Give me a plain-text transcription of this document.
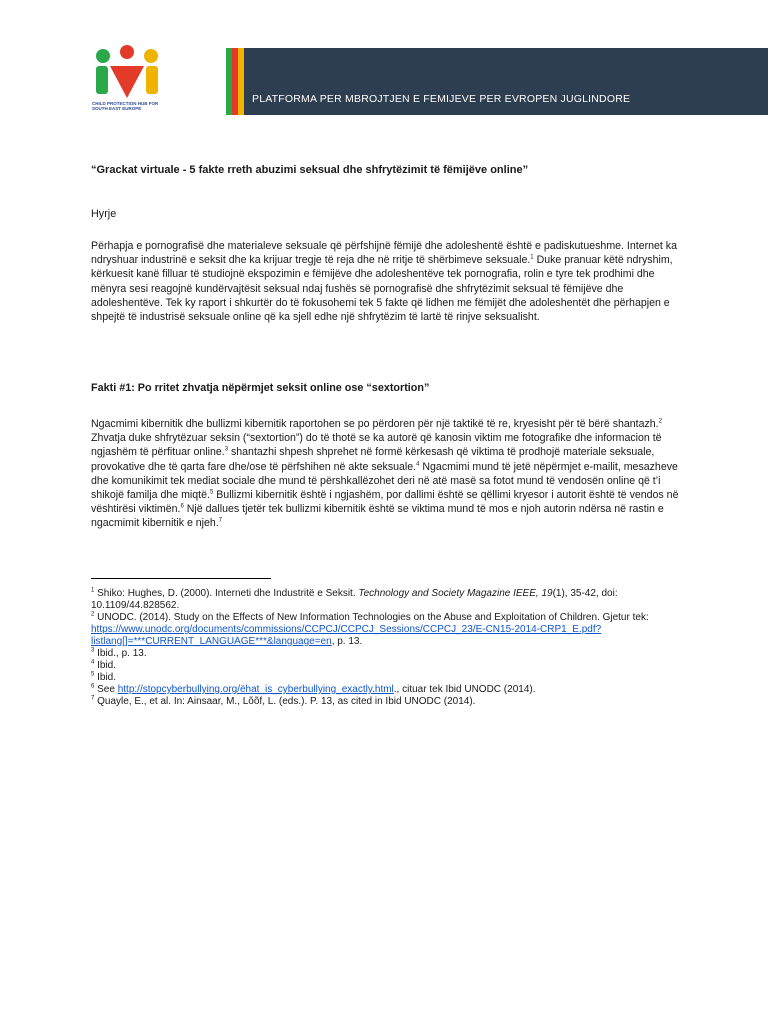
CHILD PROTECTION HUB FOR SOUTH EAST EUROPE
PLATFORMA PER MBROJTJEN E FEMIJEVE PER EVROPEN JUGLINDORE
“Grackat virtuale - 5 fakte rreth abuzimi seksual dhe shfrytëzimit të fëmijëve online”
Hyrje
Përhapja e pornografisë dhe materialeve seksuale që përfshijnë fëmijë dhe adoleshentë është e padiskutueshme. Internet ka ndryshuar industrinë e seksit dhe ka krijuar tregje të reja dhe në rritje të shërbimeve seksuale.$^1$ Duke pranuar këtë ndryshim, kërkuesit kanë filluar të studiojnë ekspozimin e fëmijëve dhe adoleshentëve tek pornografia, rolin e tyre tek prodhimi dhe mënyra sesi reagojnë kundërvajtësit seksual ndaj fushës së pornografisë dhe shfrytëzimit seksual të fëmijëve dhe adoleshentëve. Tek ky raport i shkurtër do të fokusohemi tek 5 fakte që lidhen me fëmijët dhe adoleshentët dhe përhapjen e shpejtë të industrisë seksuale online që ka sjell edhe një shfrytëzim të lartë të rinjve seksualisht.
Fakti #1: Po rritet zhvatja nëpërmjet seksit online ose “sextortion”
Ngacmimi kibernitik dhe bullizmi kibernitik raportohen se po përdoren për një taktikë të re, kryesisht për të bërë shantazh.$^2$ Zhvatja duke shfrytëzuar seksin (“sextortion”) do të thotë se ka autorë që kanosin viktim me fotografike dhe informacion të ngjashëm të përfituar online.$^3$ shantazhi shpesh shprehet në formë kërkesash që viktima të prodhojë materiale seksuale, provokative dhe të qarta fare dhe/ose të përfshihen në akte seksuale.$^4$ Ngacmimi mund të jetë nëpërmjet e-mailit, mesazheve dhe komunikimit tek mediat sociale dhe mund të përshkallëzohet deri në atë masë sa fotot mund të vendosën online që t’i shikojë familja dhe miqtë.$^5$ Bullizmi kibernitik është i ngjashëm, por dallimi është se qëllimi kryesor i autorit është të vendos në vështirësi viktimën.$^6$ Një dallues tjetër tek bullizmi kibernitik është se viktima mund të mos e njoh autorin ndërsa në rastin e ngacmimit kibernitik e njeh.$^7$

$^1$ Shiko: Hughes, D. (2000). Interneti dhe Industritë e Seksit. Technology and Society Magazine IEEE, 19(1), 35-42, doi: 10.1109/44.828562.

$^2$ UNODC. (2014). Study on the Effects of New Information Technologies on the Abuse and Exploitation of Children. Gjetur tek: https://www.unodc.org/documents/commissions/CCPCJ/CCPCJ_Sessions/CCPCJ_23/E-CN15-2014-CRP1_E.pdf?listlang[]=***CURRENT_LANGUAGE***&language=en, p. 13.

$^3$ Ibid., p. 13.

$^4$ Ibid.

$^5$ Ibid.

$^6$ See http://stopcyberbullying.org/ëhat_is_cyberbullying_exactly.html., cituar tek Ibid UNODC (2014).

$^7$ Quayle, E., et al. In: Ainsaar, M., Lõõf, L. (eds.). P. 13, as cited in Ibid UNODC (2014).
